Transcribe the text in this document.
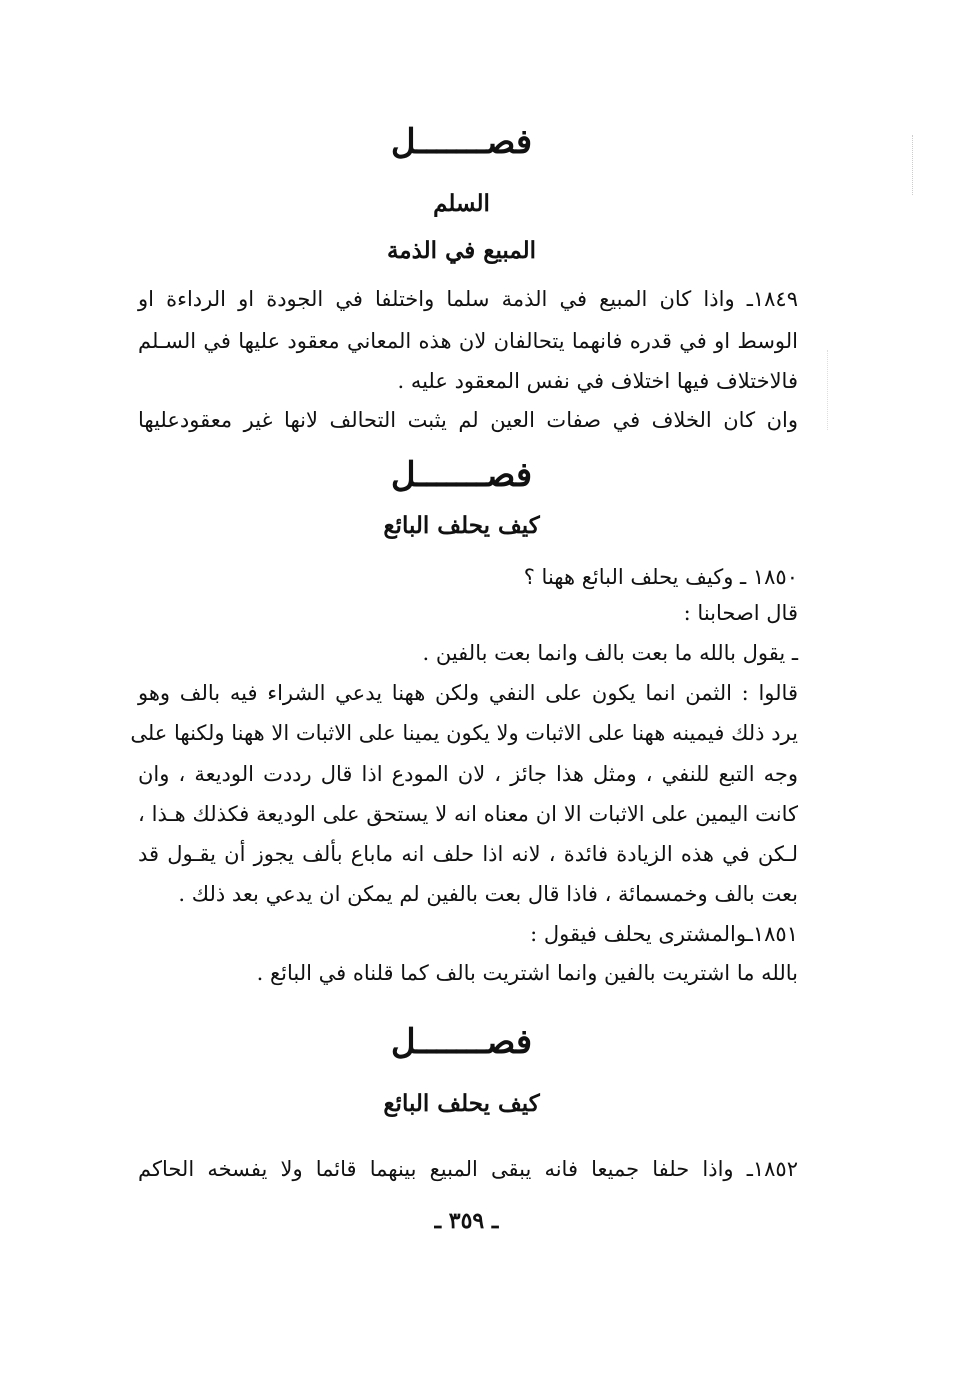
فصـــــــل
السلم
المبيع في الذمة
١٨٤٩ـ واذا كان المبيع في الذمة سلما واختلفا في الجودة او الرداءة او
الوسط او في قدره فانهما يتحالفان لان هذه المعاني معقود عليها في السـلم
فالاختلاف فيها اختلاف في نفس المعقود عليه .
وان كان الخلاف في صفات العين لم يثبت التحالف لانها غير معقودعليها
فصـــــــل
كيف يحلف البائع
١٨٥٠ ـ وكيف يحلف البائع ههنا ؟
قال اصحابنا :
ـ يقول بالله ما بعت بالف وانما بعت بالفين .
قالوا : الثمن انما يكون على النفي ولكن ههنا يدعي الشراء فيه بالف وهو
يرد ذلك فيمينه ههنا على الاثبات ولا يكون يمينا على الاثبات الا ههنا ولكنها على
وجه التبع للنفي ، ومثل هذا جائز ، لان المودع اذا قال رددت الوديعة ، وان
كانت اليمين على الاثبات الا ان معناه انه لا يستحق على الوديعة فكذلك هـذا ،
لـكن في هذه الزيادة فائدة ، لانه اذا حلف انه ماباع بألف يجوز أن يقـول قد
بعت بالف وخمسمائة ، فاذا قال بعت بالفين لم يمكن ان يدعي بعد ذلك .
١٨٥١ـوالمشترى يحلف فيقول :
بالله ما اشتريت بالفين وانما اشتريت بالف كما قلناه في البائع .
فصـــــــل
كيف يحلف البائع
١٨٥٢ـ واذا حلفا جميعا فانه يبقى المبيع بينهما قائما ولا يفسخه الحاكم
ـ ٣٥٩ ـ
